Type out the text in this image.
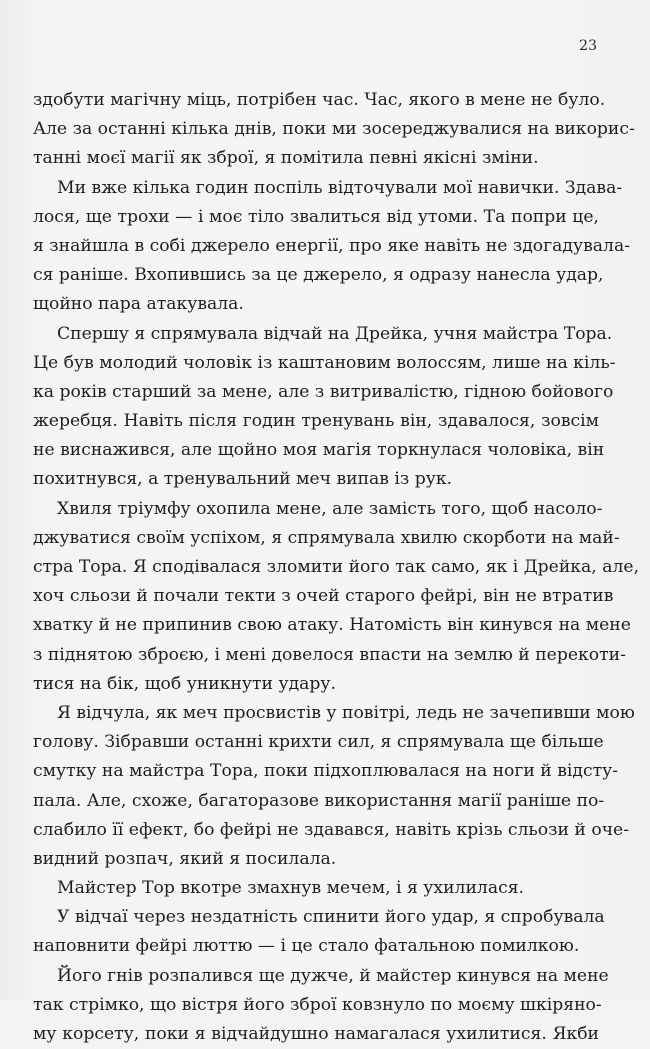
23
здобути магічну міць, потрібен час. Час, якого в мене не було.
Але за останні кілька днів, поки ми зосереджувалися на викорис-
танні моєї магії як зброї, я помітила певні якісні зміни.
Ми вже кілька годин поспіль відточували мої навички. Здава-
лося, ще трохи — і моє тіло звалиться від утоми. Та попри це,
я знайшла в собі джерело енергії, про яке навіть не здогадувала-
ся раніше. Вхопившись за це джерело, я одразу нанесла удар,
щойно пара атакувала.
Спершу я спрямувала відчай на Дрейка, учня майстра Тора.
Це був молодий чоловік із каштановим волоссям, лише на кіль-
ка років старший за мене, але з витривалістю, гідною бойового
жеребця. Навіть після годин тренувань він, здавалося, зовсім
не виснажився, але щойно моя магія торкнулася чоловіка, він
похитнувся, а тренувальний меч випав із рук.
Хвиля тріумфу охопила мене, але замість того, щоб насоло-
джуватися своїм успіхом, я спрямувала хвилю скорботи на май-
стра Тора. Я сподівалася зломити його так само, як і Дрейка, але,
хоч сльози й почали текти з очей старого фейрі, він не втратив
хватку й не припинив свою атаку. Натомість він кинувся на мене
з піднятою зброєю, і мені довелося впасти на землю й перекоти-
тися на бік, щоб уникнути удару.
Я відчула, як меч просвистів у повітрі, ледь не зачепивши мою
голову. Зібравши останні крихти сил, я спрямувала ще більше
смутку на майстра Тора, поки підхоплювалася на ноги й відсту-
пала. Але, схоже, багаторазове використання магії раніше по-
слабило її ефект, бо фейрі не здавався, навіть крізь сльози й оче-
видний розпач, який я посилала.
Майстер Тор вкотре змахнув мечем, і я ухилилася.
У відчаї через нездатність спинити його удар, я спробувала
наповнити фейрі люттю — і це стало фатальною помилкою.
Його гнів розпалився ще дужче, й майстер кинувся на мене
так стрімко, що вістря його зброї ковзнуло по моєму шкіряно-
му корсету, поки я відчайдушно намагалася ухилитися. Якби
